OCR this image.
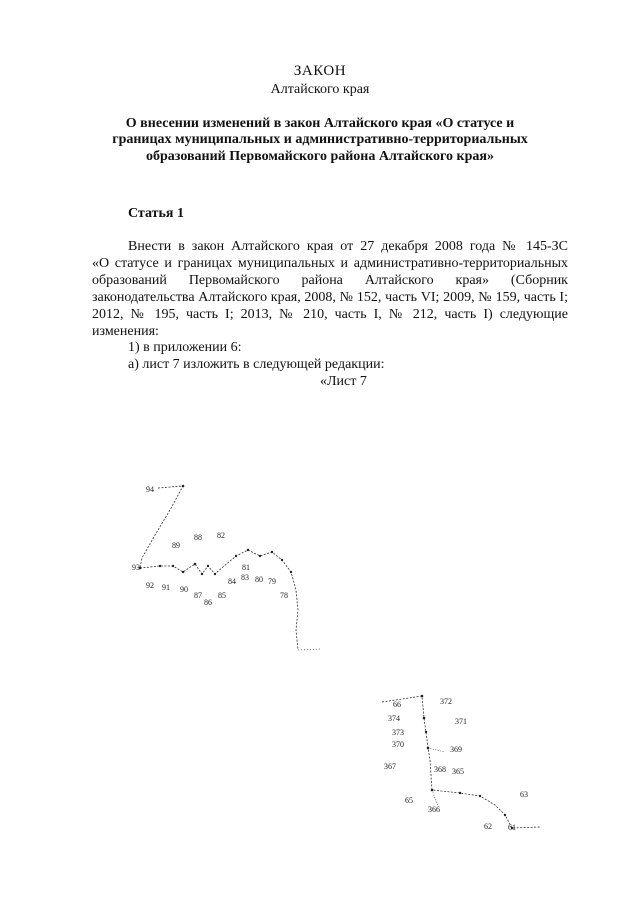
ЗАКОН
Алтайского края
О внесении изменений в закон Алтайского края «О статусе и
границах муниципальных и административно-территориальных
образований Первомайского района Алтайского края»
Статья 1
Внести в закон Алтайского края от 27 декабря 2008 года № 145-ЗС
«О статусе и границах муниципальных и административно-территориальных
образований Первомайского района Алтайского края» (Сборник
законодательства Алтайского края, 2008, № 152, часть VI; 2009, № 159, часть I;
2012, № 195, часть I; 2013, № 210, часть I, № 212, часть I) следующие
изменения:
1) в приложении 6:
а) лист 7 изложить в следующей редакции:
«Лист 7
94
93
92 91 90
89
88
87
86
85
84 83
82
81
80 79
78
66
374
373
370
372
371
369
367	368 365
65
366
63
62 61
